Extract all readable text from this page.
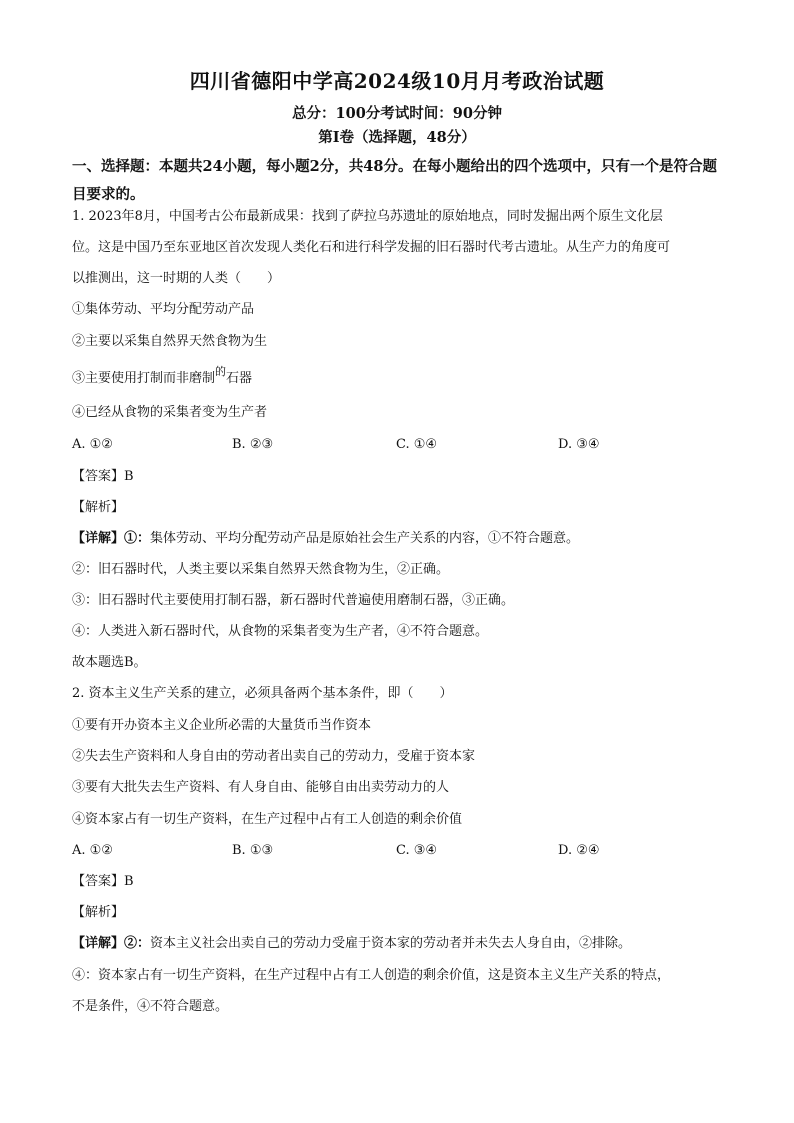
四川省德阳中学高2024级10月月考政治试题
总分：100分考试时间：90分钟
第Ⅰ卷（选择题，48分）
一、选择题：本题共24小题，每小题2分，共48分。在每小题给出的四个选项中，只有一个是符合题目要求的。
1. 2023年8月，中国考古公布最新成果：找到了萨拉乌苏遗址的原始地点，同时发掘出两个原生文化层
位。这是中国乃至东亚地区首次发现人类化石和进行科学发掘的旧石器时代考古遗址。从生产力的角度可
以推测出，这一时期的人类（　　）
①集体劳动、平均分配劳动产品
②主要以采集自然界天然食物为生
③主要使用打制而非磨制$^的$石器
④已经从食物的采集者变为生产者
A. ①②	B. ②③	C. ①④	D. ③④
【答案】B
【解析】
【详解】①：集体劳动、平均分配劳动产品是原始社会生产关系的内容，①不符合题意。
②：旧石器时代，人类主要以采集自然界天然食物为生，②正确。
③：旧石器时代主要使用打制石器，新石器时代普遍使用磨制石器，③正确。
④：人类进入新石器时代，从食物的采集者变为生产者，④不符合题意。
故本题选B。
2. 资本主义生产关系的建立，必须具备两个基本条件，即（　　）
①要有开办资本主义企业所必需的大量货币当作资本
②失去生产资料和人身自由的劳动者出卖自己的劳动力，受雇于资本家
③要有大批失去生产资料、有人身自由、能够自由出卖劳动力的人
④资本家占有一切生产资料，在生产过程中占有工人创造的剩余价值
A. ①②	B. ①③	C. ③④	D. ②④
【答案】B
【解析】
【详解】②：资本主义社会出卖自己的劳动力受雇于资本家的劳动者并未失去人身自由，②排除。
④：资本家占有一切生产资料，在生产过程中占有工人创造的剩余价值，这是资本主义生产关系的特点，
不是条件，④不符合题意。
